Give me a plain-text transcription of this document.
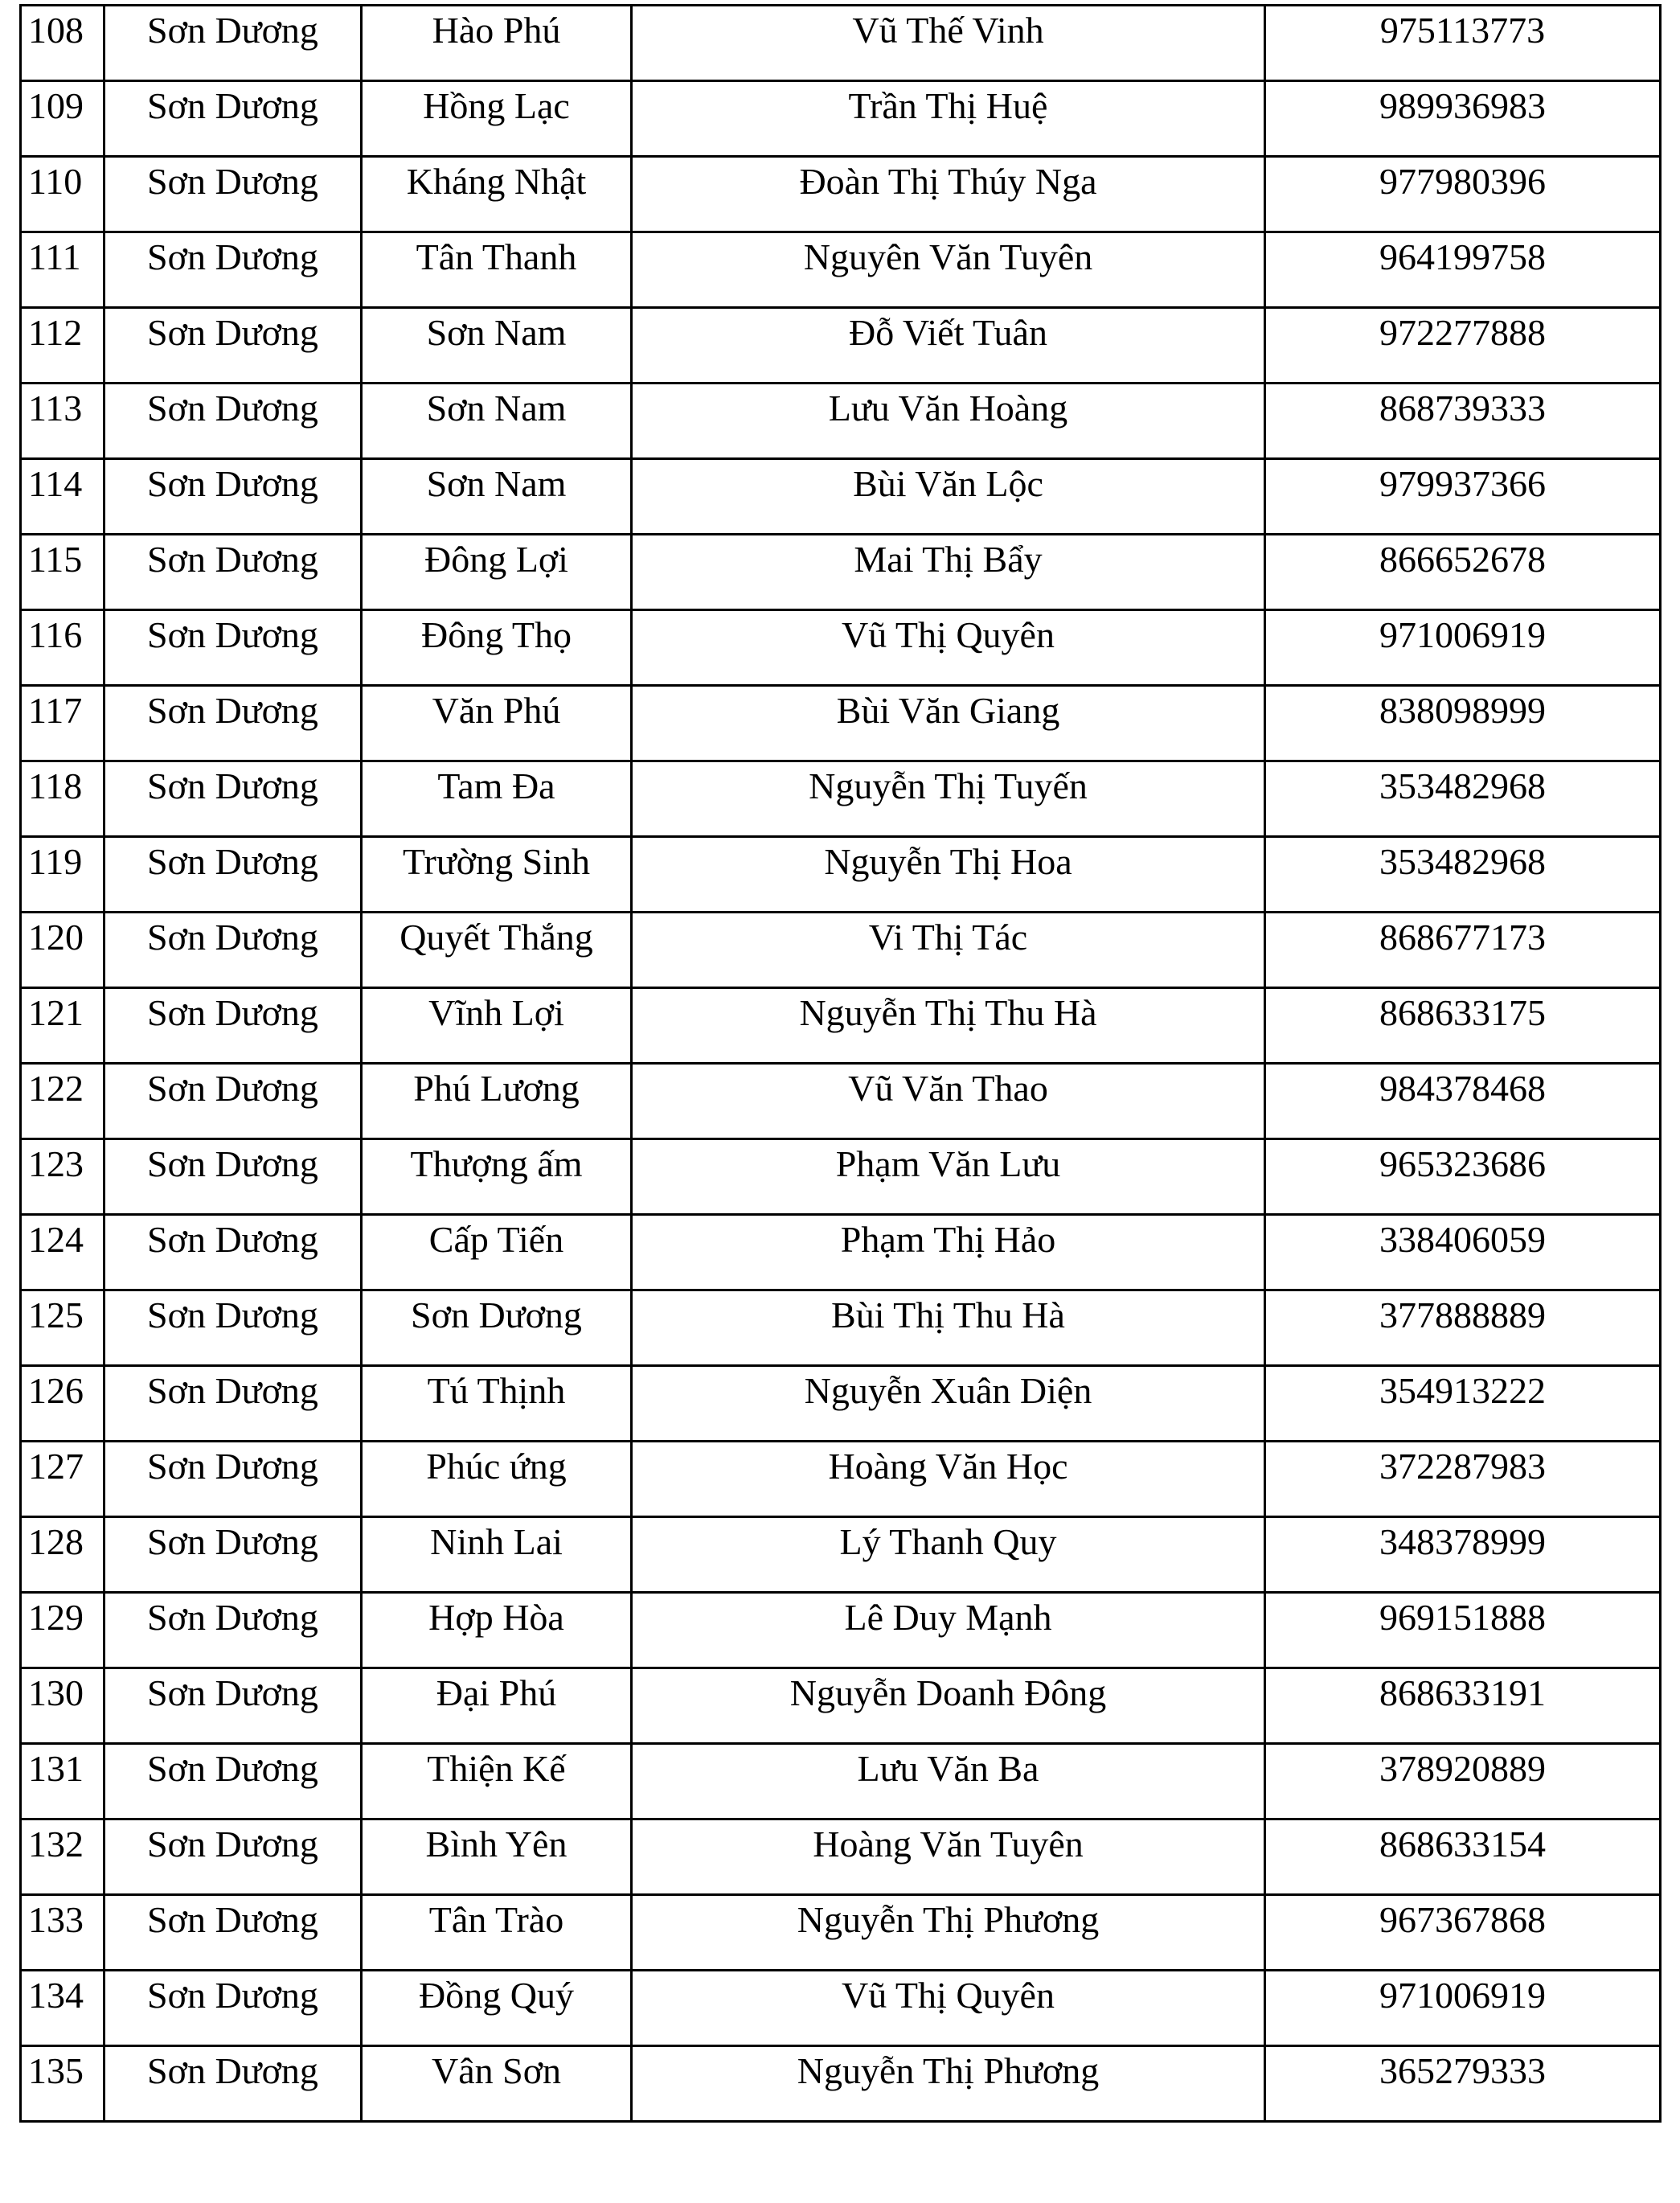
108	Sơn Dương	Hào Phú	Vũ Thế Vinh	975113773
109	Sơn Dương	Hồng Lạc	Trần Thị Huệ	989936983
110	Sơn Dương	Kháng Nhật	Đoàn Thị Thúy Nga	977980396
111	Sơn Dương	Tân Thanh	Nguyên Văn Tuyên	964199758
112	Sơn Dương	Sơn Nam	Đỗ Viết Tuân	972277888
113	Sơn Dương	Sơn Nam	Lưu Văn Hoàng	868739333
114	Sơn Dương	Sơn Nam	Bùi Văn Lộc	979937366
115	Sơn Dương	Đông Lợi	Mai Thị Bẩy	866652678
116	Sơn Dương	Đông Thọ	Vũ Thị Quyên	971006919
117	Sơn Dương	Văn Phú	Bùi Văn Giang	838098999
118	Sơn Dương	Tam Đa	Nguyễn Thị Tuyến	353482968
119	Sơn Dương	Trường Sinh	Nguyễn Thị Hoa	353482968
120	Sơn Dương	Quyết Thắng	Vi Thị Tác	868677173
121	Sơn Dương	Vĩnh Lợi	Nguyễn Thị Thu Hà	868633175
122	Sơn Dương	Phú Lương	Vũ Văn Thao	984378468
123	Sơn Dương	Thượng ấm	Phạm Văn Lưu	965323686
124	Sơn Dương	Cấp Tiến	Phạm Thị Hảo	338406059
125	Sơn Dương	Sơn Dương	Bùi Thị Thu Hà	377888889
126	Sơn Dương	Tú Thịnh	Nguyễn Xuân Diện	354913222
127	Sơn Dương	Phúc ứng	Hoàng Văn Học	372287983
128	Sơn Dương	Ninh Lai	Lý Thanh Quy	348378999
129	Sơn Dương	Hợp Hòa	Lê Duy Mạnh	969151888
130	Sơn Dương	Đại Phú	Nguyễn Doanh Đông	868633191
131	Sơn Dương	Thiện Kế	Lưu Văn Ba	378920889
132	Sơn Dương	Bình Yên	Hoàng Văn Tuyên	868633154
133	Sơn Dương	Tân Trào	Nguyễn Thị Phương	967367868
134	Sơn Dương	Đồng Quý	Vũ Thị Quyên	971006919
135	Sơn Dương	Vân Sơn	Nguyễn Thị Phương	365279333
